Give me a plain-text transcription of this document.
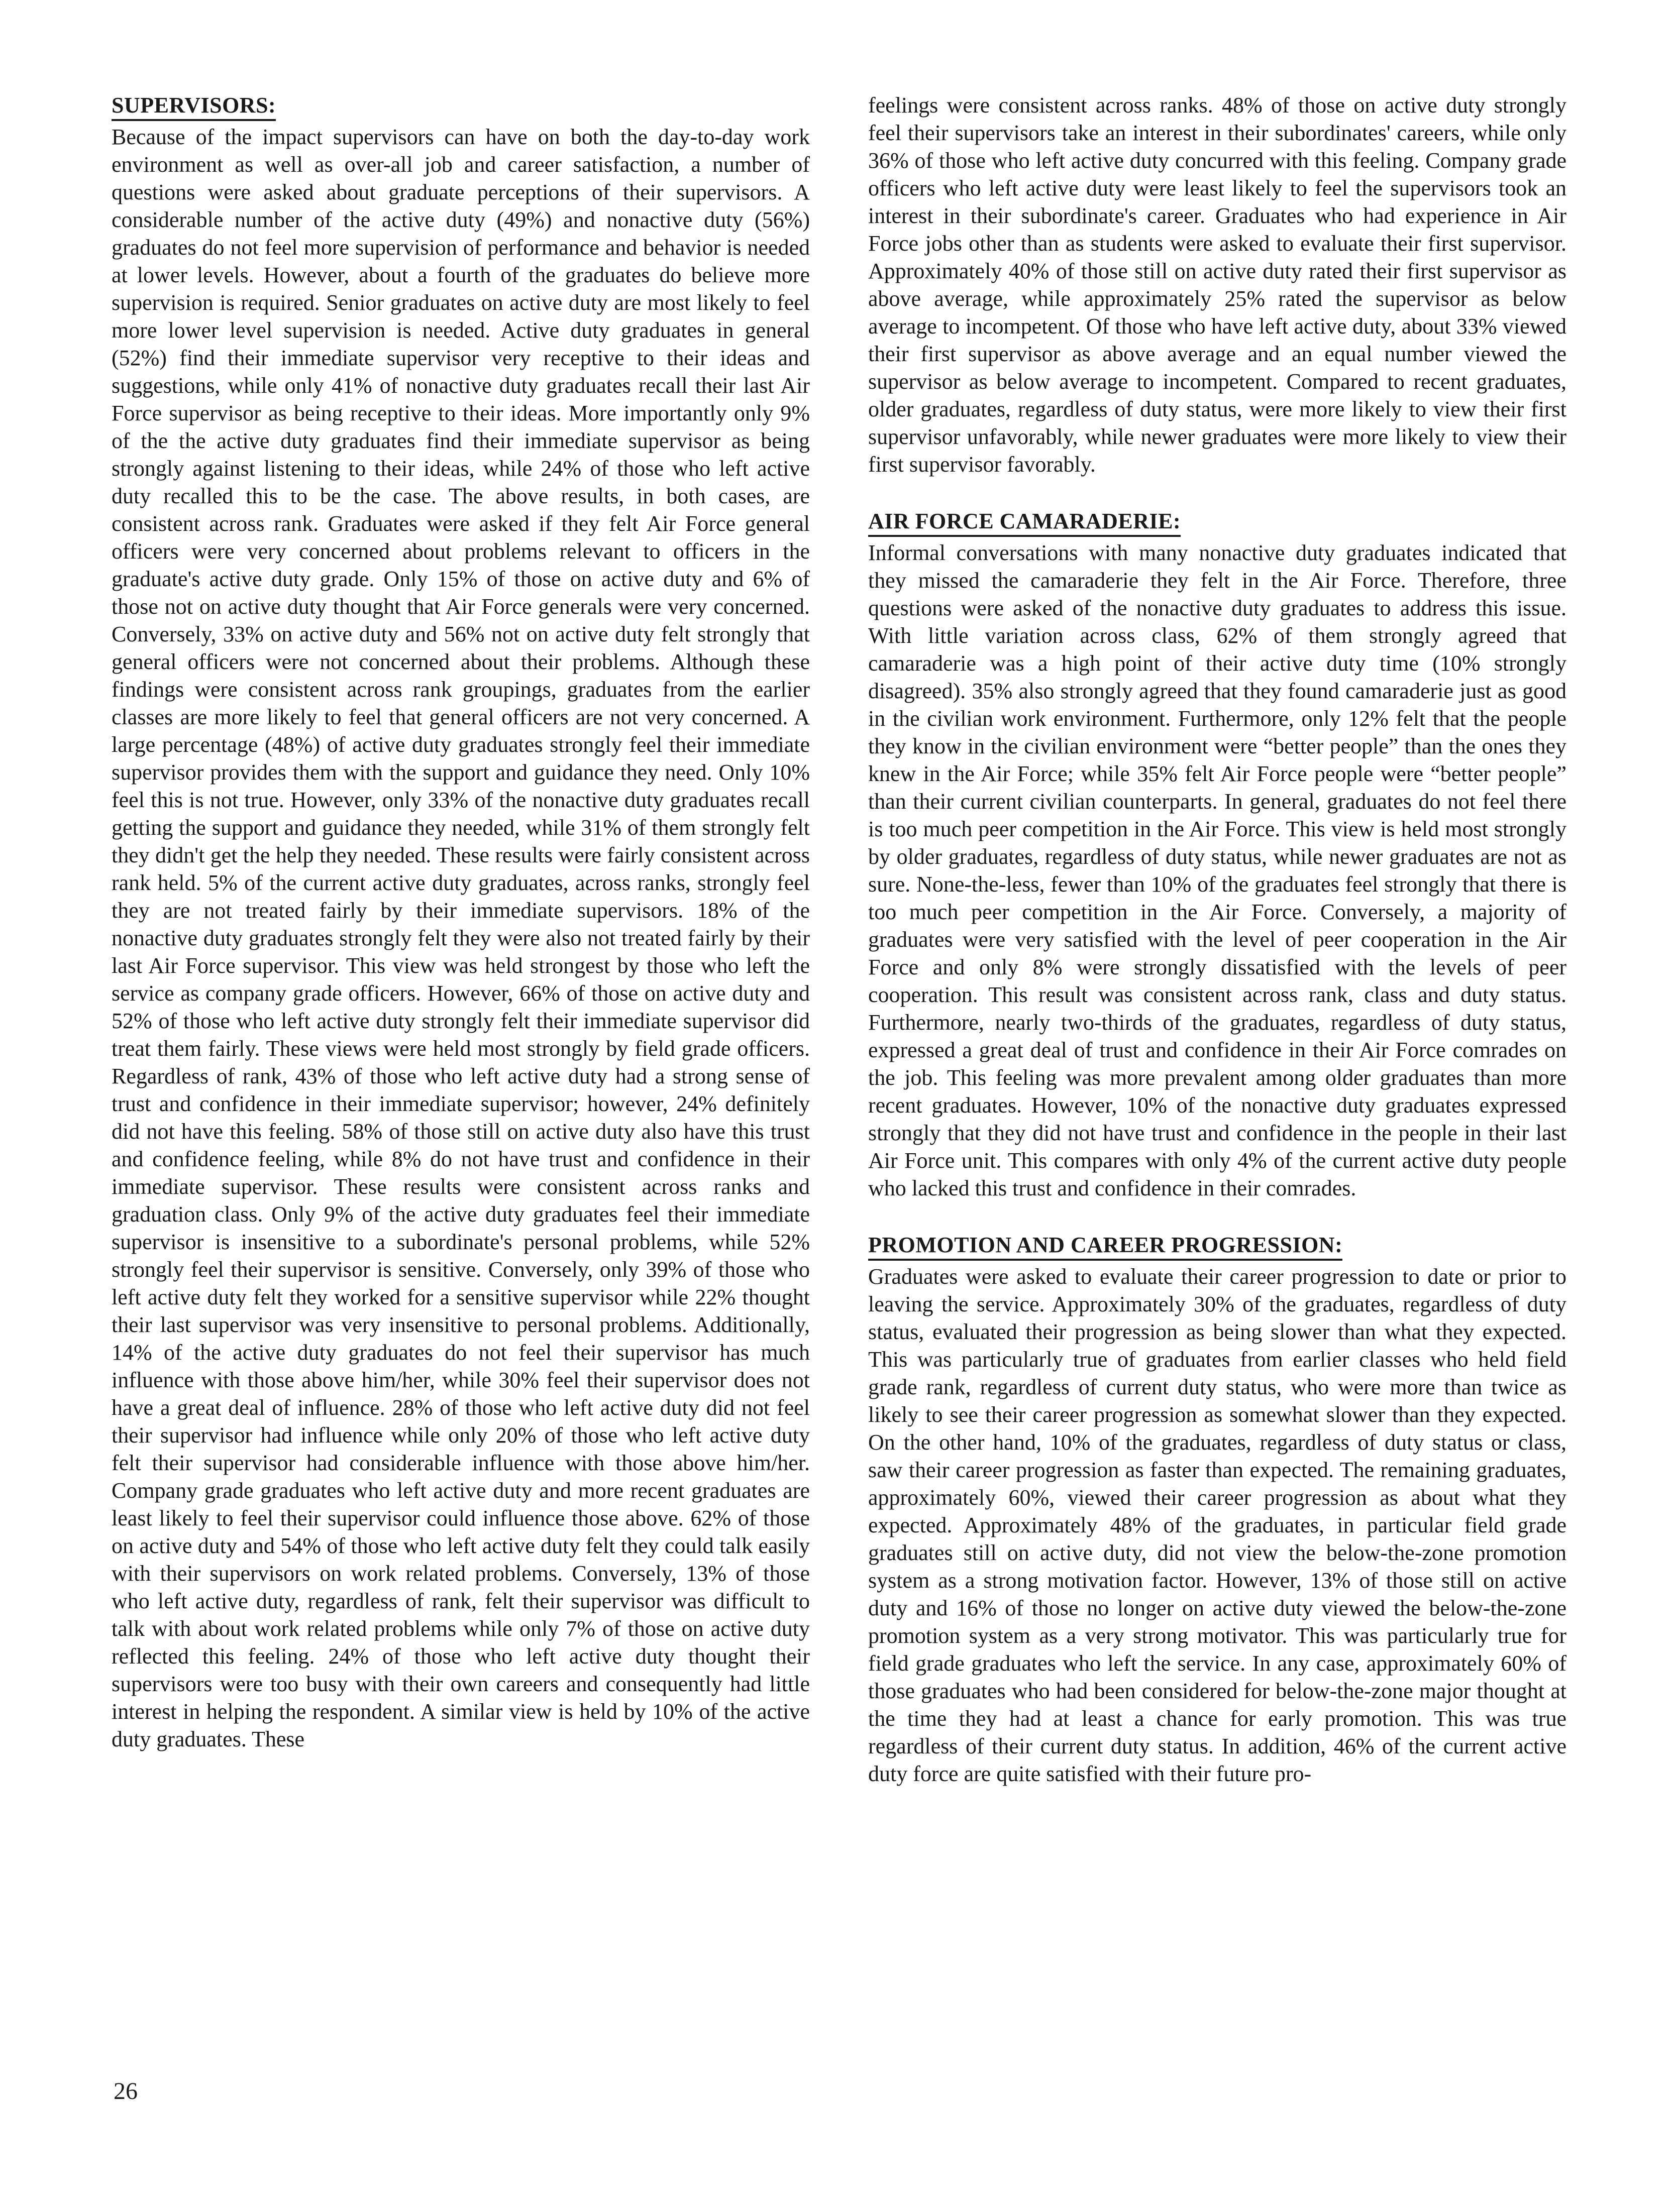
SUPERVISORS:

Because of the impact supervisors can have on both the day-to-day work environment as well as over-all job and career satisfaction, a number of questions were asked about graduate perceptions of their supervisors. A considerable number of the active duty (49%) and nonactive duty (56%) graduates do not feel more supervision of performance and behavior is needed at lower levels. However, about a fourth of the graduates do believe more supervision is required. Senior graduates on active duty are most likely to feel more lower level supervision is needed. Active duty graduates in general (52%) find their immediate supervisor very receptive to their ideas and suggestions, while only 41% of nonactive duty graduates recall their last Air Force supervisor as being receptive to their ideas. More importantly only 9% of the the active duty graduates find their immediate supervisor as being strongly against listening to their ideas, while 24% of those who left active duty recalled this to be the case. The above results, in both cases, are consistent across rank. Graduates were asked if they felt Air Force general officers were very concerned about problems relevant to officers in the graduate's active duty grade. Only 15% of those on active duty and 6% of those not on active duty thought that Air Force generals were very concerned. Conversely, 33% on active duty and 56% not on active duty felt strongly that general officers were not concerned about their problems. Although these findings were consistent across rank groupings, graduates from the earlier classes are more likely to feel that general officers are not very concerned. A large percentage (48%) of active duty graduates strongly feel their immediate supervisor provides them with the support and guidance they need. Only 10% feel this is not true. However, only 33% of the nonactive duty graduates recall getting the support and guidance they needed, while 31% of them strongly felt they didn't get the help they needed. These results were fairly consistent across rank held. 5% of the current active duty graduates, across ranks, strongly feel they are not treated fairly by their immediate supervisors. 18% of the nonactive duty graduates strongly felt they were also not treated fairly by their last Air Force supervisor. This view was held strongest by those who left the service as company grade officers. However, 66% of those on active duty and 52% of those who left active duty strongly felt their immediate supervisor did treat them fairly. These views were held most strongly by field grade officers. Regardless of rank, 43% of those who left active duty had a strong sense of trust and confidence in their immediate supervisor; however, 24% definitely did not have this feeling. 58% of those still on active duty also have this trust and confidence feeling, while 8% do not have trust and confidence in their immediate supervisor. These results were consistent across ranks and graduation class. Only 9% of the active duty graduates feel their immediate supervisor is insensitive to a subordinate's personal problems, while 52% strongly feel their supervisor is sensitive. Conversely, only 39% of those who left active duty felt they worked for a sensitive supervisor while 22% thought their last supervisor was very insensitive to personal problems. Additionally, 14% of the active duty graduates do not feel their supervisor has much influence with those above him/her, while 30% feel their supervisor does not have a great deal of influence. 28% of those who left active duty did not feel their supervisor had influence while only 20% of those who left active duty felt their supervisor had considerable influence with those above him/her. Company grade graduates who left active duty and more recent graduates are least likely to feel their supervisor could influence those above. 62% of those on active duty and 54% of those who left active duty felt they could talk easily with their supervisors on work related problems. Conversely, 13% of those who left active duty, regardless of rank, felt their supervisor was difficult to talk with about work related problems while only 7% of those on active duty reflected this feeling. 24% of those who left active duty thought their supervisors were too busy with their own careers and consequently had little interest in helping the respondent. A similar view is held by 10% of the active duty graduates. These

feelings were consistent across ranks. 48% of those on active duty strongly feel their supervisors take an interest in their subordinates' careers, while only 36% of those who left active duty concurred with this feeling. Company grade officers who left active duty were least likely to feel the supervisors took an interest in their subordinate's career. Graduates who had experience in Air Force jobs other than as students were asked to evaluate their first supervisor. Approximately 40% of those still on active duty rated their first supervisor as above average, while approximately 25% rated the supervisor as below average to incompetent. Of those who have left active duty, about 33% viewed their first supervisor as above average and an equal number viewed the supervisor as below average to incompetent. Compared to recent graduates, older graduates, regardless of duty status, were more likely to view their first supervisor unfavorably, while newer graduates were more likely to view their first supervisor favorably.

AIR FORCE CAMARADERIE:

Informal conversations with many nonactive duty graduates indicated that they missed the camaraderie they felt in the Air Force. Therefore, three questions were asked of the nonactive duty graduates to address this issue. With little variation across class, 62% of them strongly agreed that camaraderie was a high point of their active duty time (10% strongly disagreed). 35% also strongly agreed that they found camaraderie just as good in the civilian work environment. Furthermore, only 12% felt that the people they know in the civilian environment were “better people” than the ones they knew in the Air Force; while 35% felt Air Force people were “better people” than their current civilian counterparts. In general, graduates do not feel there is too much peer competition in the Air Force. This view is held most strongly by older graduates, regardless of duty status, while newer graduates are not as sure. None-the-less, fewer than 10% of the graduates feel strongly that there is too much peer competition in the Air Force. Conversely, a majority of graduates were very satisfied with the level of peer cooperation in the Air Force and only 8% were strongly dissatisfied with the levels of peer cooperation. This result was consistent across rank, class and duty status. Furthermore, nearly two-thirds of the graduates, regardless of duty status, expressed a great deal of trust and confidence in their Air Force comrades on the job. This feeling was more prevalent among older graduates than more recent graduates. However, 10% of the nonactive duty graduates expressed strongly that they did not have trust and confidence in the people in their last Air Force unit. This compares with only 4% of the current active duty people who lacked this trust and confidence in their comrades.

PROMOTION AND CAREER PROGRESSION:

Graduates were asked to evaluate their career progression to date or prior to leaving the service. Approximately 30% of the graduates, regardless of duty status, evaluated their progression as being slower than what they expected. This was particularly true of graduates from earlier classes who held field grade rank, regardless of current duty status, who were more than twice as likely to see their career progression as somewhat slower than they expected. On the other hand, 10% of the graduates, regardless of duty status or class, saw their career progression as faster than expected. The remaining graduates, approximately 60%, viewed their career progression as about what they expected. Approximately 48% of the graduates, in particular field grade graduates still on active duty, did not view the below-the-zone promotion system as a strong motivation factor. However, 13% of those still on active duty and 16% of those no longer on active duty viewed the below-the-zone promotion system as a very strong motivator. This was particularly true for field grade graduates who left the service. In any case, approximately 60% of those graduates who had been considered for below-the-zone major thought at the time they had at least a chance for early promotion. This was true regardless of their current duty status. In addition, 46% of the current active duty force are quite satisfied with their future pro-

26
